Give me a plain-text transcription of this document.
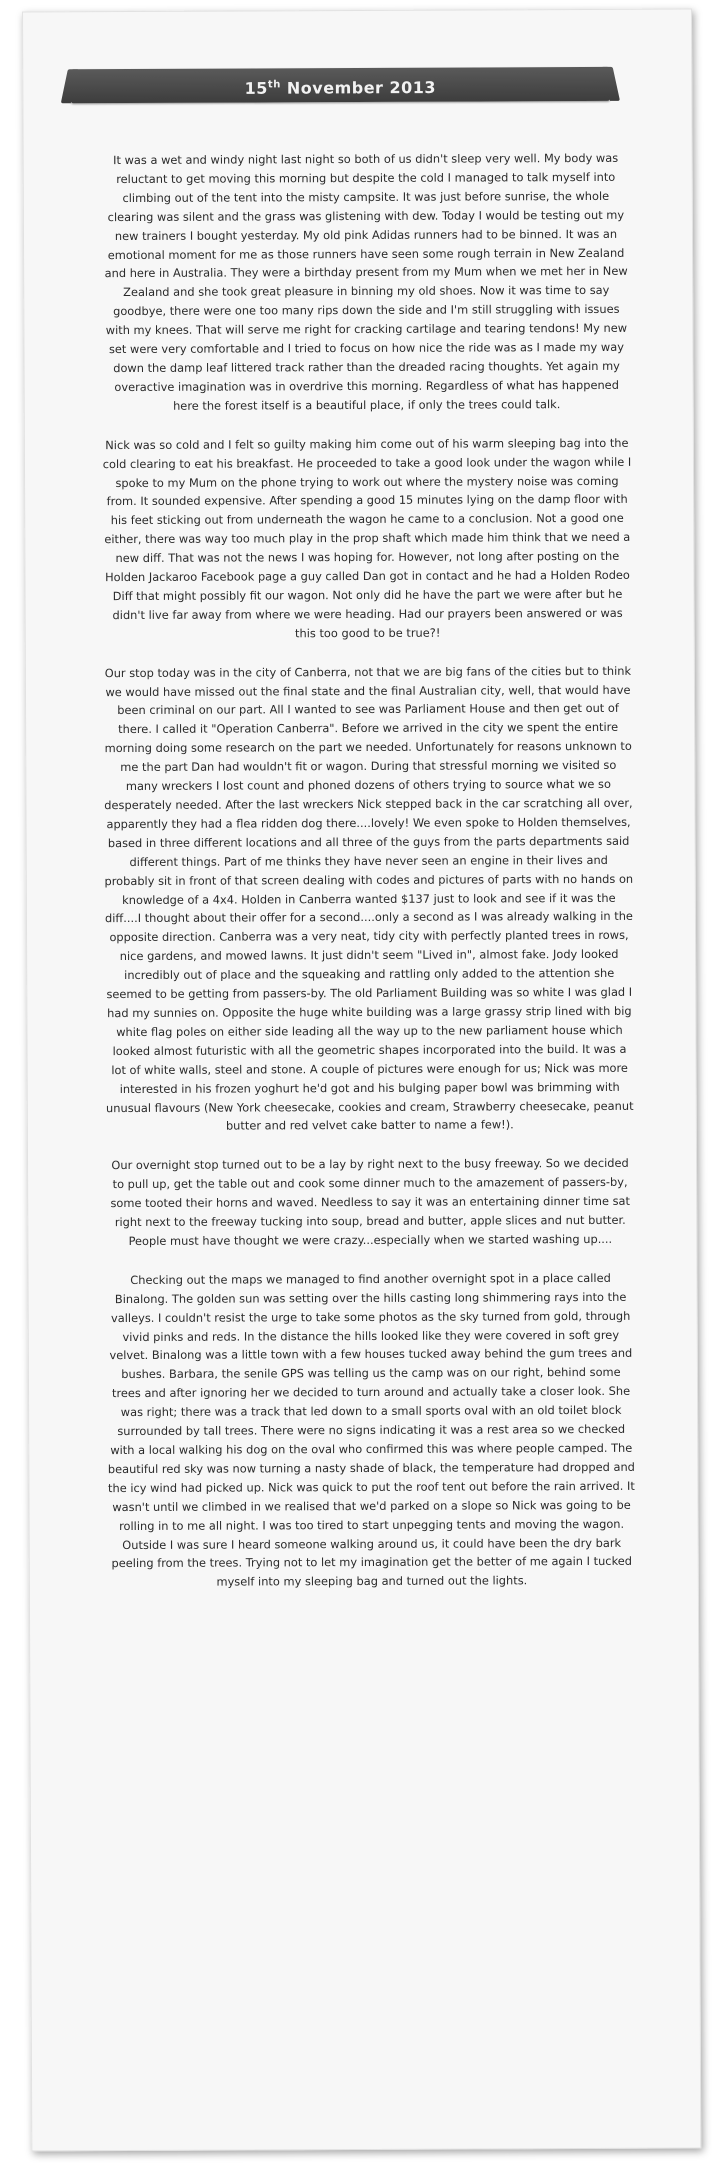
15th November 2013

It was a wet and windy night last night so both of us didn't sleep very well. My body was reluctant to get moving this morning but despite the cold I managed to talk myself into climbing out of the tent into the misty campsite. It was just before sunrise, the whole clearing was silent and the grass was glistening with dew. Today I would be testing out my new trainers I bought yesterday. My old pink Adidas runners had to be binned. It was an emotional moment for me as those runners have seen some rough terrain in New Zealand and here in Australia. They were a birthday present from my Mum when we met her in New Zealand and she took great pleasure in binning my old shoes. Now it was time to say goodbye, there were one too many rips down the side and I'm still struggling with issues with my knees. That will serve me right for cracking cartilage and tearing tendons! My new set were very comfortable and I tried to focus on how nice the ride was as I made my way down the damp leaf littered track rather than the dreaded racing thoughts. Yet again my overactive imagination was in overdrive this morning. Regardless of what has happened here the forest itself is a beautiful place, if only the trees could talk.

Nick was so cold and I felt so guilty making him come out of his warm sleeping bag into the cold clearing to eat his breakfast. He proceeded to take a good look under the wagon while I spoke to my Mum on the phone trying to work out where the mystery noise was coming from. It sounded expensive. After spending a good 15 minutes lying on the damp floor with his feet sticking out from underneath the wagon he came to a conclusion. Not a good one either, there was way too much play in the prop shaft which made him think that we need a new diff. That was not the news I was hoping for. However, not long after posting on the Holden Jackaroo Facebook page a guy called Dan got in contact and he had a Holden Rodeo Diff that might possibly fit our wagon. Not only did he have the part we were after but he didn't live far away from where we were heading. Had our prayers been answered or was this too good to be true?!

Our stop today was in the city of Canberra, not that we are big fans of the cities but to think we would have missed out the final state and the final Australian city, well, that would have been criminal on our part. All I wanted to see was Parliament House and then get out of there. I called it "Operation Canberra". Before we arrived in the city we spent the entire morning doing some research on the part we needed. Unfortunately for reasons unknown to me the part Dan had wouldn't fit or wagon. During that stressful morning we visited so many wreckers I lost count and phoned dozens of others trying to source what we so desperately needed. After the last wreckers Nick stepped back in the car scratching all over, apparently they had a flea ridden dog there....lovely! We even spoke to Holden themselves, based in three different locations and all three of the guys from the parts departments said different things. Part of me thinks they have never seen an engine in their lives and probably sit in front of that screen dealing with codes and pictures of parts with no hands on knowledge of a 4x4. Holden in Canberra wanted $137 just to look and see if it was the diff....I thought about their offer for a second....only a second as I was already walking in the opposite direction. Canberra was a very neat, tidy city with perfectly planted trees in rows, nice gardens, and mowed lawns. It just didn't seem "Lived in", almost fake. Jody looked incredibly out of place and the squeaking and rattling only added to the attention she seemed to be getting from passers-by. The old Parliament Building was so white I was glad I had my sunnies on. Opposite the huge white building was a large grassy strip lined with big white flag poles on either side leading all the way up to the new parliament house which looked almost futuristic with all the geometric shapes incorporated into the build. It was a lot of white walls, steel and stone. A couple of pictures were enough for us; Nick was more interested in his frozen yoghurt he'd got and his bulging paper bowl was brimming with unusual flavours (New York cheesecake, cookies and cream, Strawberry cheesecake, peanut butter and red velvet cake batter to name a few!).

Our overnight stop turned out to be a lay by right next to the busy freeway. So we decided to pull up, get the table out and cook some dinner much to the amazement of passers-by, some tooted their horns and waved. Needless to say it was an entertaining dinner time sat right next to the freeway tucking into soup, bread and butter, apple slices and nut butter. People must have thought we were crazy...especially when we started washing up....

Checking out the maps we managed to find another overnight spot in a place called Binalong. The golden sun was setting over the hills casting long shimmering rays into the valleys. I couldn't resist the urge to take some photos as the sky turned from gold, through vivid pinks and reds. In the distance the hills looked like they were covered in soft grey velvet. Binalong was a little town with a few houses tucked away behind the gum trees and bushes. Barbara, the senile GPS was telling us the camp was on our right, behind some trees and after ignoring her we decided to turn around and actually take a closer look. She was right; there was a track that led down to a small sports oval with an old toilet block surrounded by tall trees. There were no signs indicating it was a rest area so we checked with a local walking his dog on the oval who confirmed this was where people camped. The beautiful red sky was now turning a nasty shade of black, the temperature had dropped and the icy wind had picked up. Nick was quick to put the roof tent out before the rain arrived. It wasn't until we climbed in we realised that we'd parked on a slope so Nick was going to be rolling in to me all night. I was too tired to start unpegging tents and moving the wagon. Outside I was sure I heard someone walking around us, it could have been the dry bark peeling from the trees. Trying not to let my imagination get the better of me again I tucked myself into my sleeping bag and turned out the lights.
